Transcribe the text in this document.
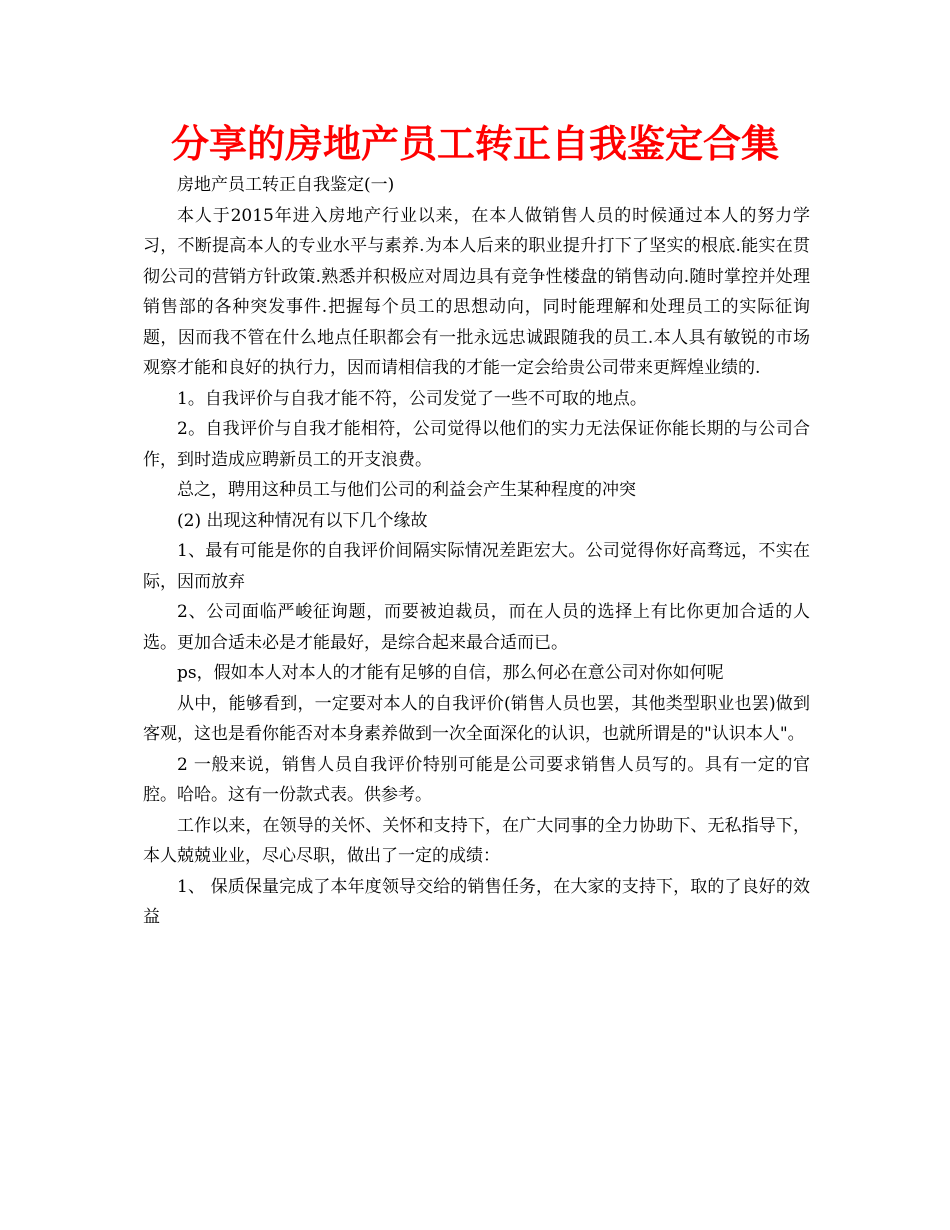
分享的房地产员工转正自我鉴定合集

房地产员工转正自我鉴定(一)

本人于2015年进入房地产行业以来，在本人做销售人员的时候通过本人的努力学习，不断提高本人的专业水平与素养.为本人后来的职业提升打下了坚实的根底.能实在贯彻公司的营销方针政策.熟悉并积极应对周边具有竞争性楼盘的销售动向.随时掌控并处理销售部的各种突发事件.把握每个员工的思想动向，同时能理解和处理员工的实际征询题，因而我不管在什么地点任职都会有一批永远忠诚跟随我的员工.本人具有敏锐的市场观察才能和良好的执行力，因而请相信我的才能一定会给贵公司带来更辉煌业绩的.

1。自我评价与自我才能不符，公司发觉了一些不可取的地点。

2。自我评价与自我才能相符，公司觉得以他们的实力无法保证你能长期的与公司合作，到时造成应聘新员工的开支浪费。

总之，聘用这种员工与他们公司的利益会产生某种程度的冲突

(2) 出现这种情况有以下几个缘故

1、最有可能是你的自我评价间隔实际情况差距宏大。公司觉得你好高骛远，不实在际，因而放弃

2、公司面临严峻征询题，而要被迫裁员，而在人员的选择上有比你更加合适的人选。更加合适未必是才能最好，是综合起来最合适而已。

ps，假如本人对本人的才能有足够的自信，那么何必在意公司对你如何呢

从中，能够看到，一定要对本人的自我评价(销售人员也罢，其他类型职业也罢)做到客观，这也是看你能否对本身素养做到一次全面深化的认识，也就所谓是的"认识本人"。

2 一般来说，销售人员自我评价特别可能是公司要求销售人员写的。具有一定的官腔。哈哈。这有一份款式表。供参考。

工作以来，在领导的关怀、关怀和支持下，在广大同事的全力协助下、无私指导下，本人兢兢业业，尽心尽职，做出了一定的成绩：

1、 保质保量完成了本年度领导交给的销售任务，在大家的支持下，取的了良好的效益
